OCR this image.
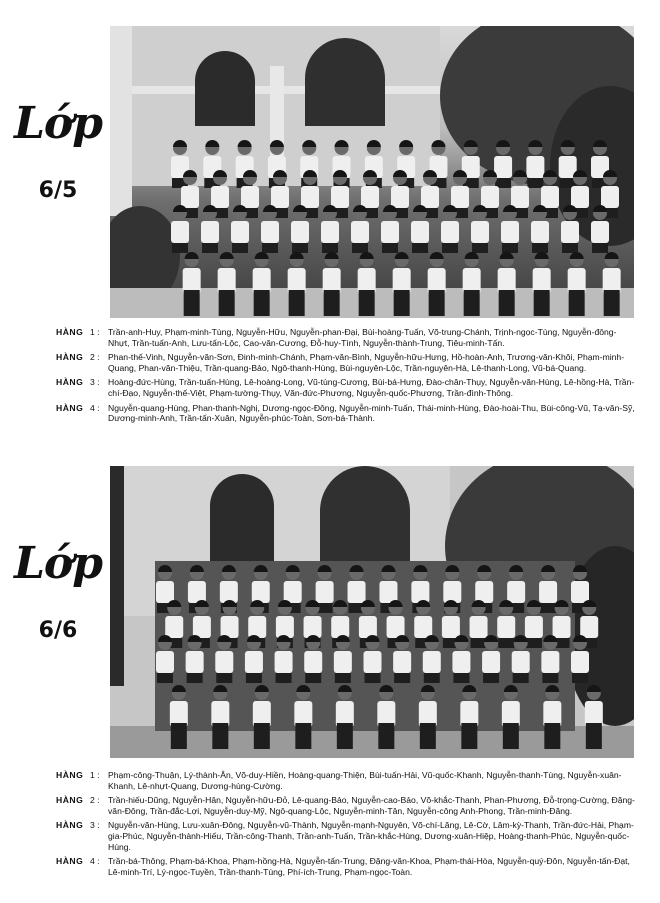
Lớp
6/5
HÀNG 1 : Trần-anh-Huy, Phạm-minh-Tùng, Nguyễn-Hữu, Nguyễn-phan-Đại, Bùi-hoàng-Tuấn, Võ-trung-Chánh, Trịnh-ngọc-Tùng, Nguyễn-đông-Nhựt, Trần-tuấn-Anh, Lưu-tấn-Lộc, Cao-văn-Cương, Đỗ-huy-Tình, Nguyễn-thành-Trung, Tiêu-minh-Tấn.
HÀNG 2 : Phan-thế-Vinh, Nguyễn-văn-Sơn, Đinh-minh-Chánh, Phạm-văn-Bình, Nguyễn-hữu-Hưng, Hồ-hoàn-Anh, Trương-văn-Khôi, Phạm-minh-Quang, Phan-văn-Thiệu, Trần-quang-Bảo, Ngô-thanh-Hùng, Bùi-nguyên-Lộc, Trần-nguyên-Hà, Lê-thanh-Long, Vũ-bá-Quang.
HÀNG 3 : Hoàng-đức-Hùng, Trần-tuấn-Hùng, Lê-hoàng-Long, Vũ-tùng-Cương, Bùi-bá-Hưng, Đào-chân-Thụy, Nguyễn-văn-Hùng, Lê-hồng-Hà, Trần-chí-Đạo, Nguyễn-thế-Việt, Phạm-tường-Thụy, Văn-đức-Phương, Nguyễn-quốc-Phương, Trần-đình-Thông.
HÀNG 4 : Nguyễn-quang-Hùng, Phan-thanh-Nghị, Dương-ngọc-Đông, Nguyễn-minh-Tuấn, Thái-minh-Hùng, Đào-hoài-Thu, Bùi-công-Vũ, Tạ-văn-Sỹ, Dương-minh-Anh, Trần-tấn-Xuân, Nguyễn-phúc-Toàn, Sơn-bá-Thành.
Lớp
6/6
HÀNG 1 : Phạm-công-Thuận, Lý-thành-Ân, Võ-duy-Hiền, Hoàng-quang-Thiện, Bùi-tuấn-Hải, Vũ-quốc-Khanh, Nguyễn-thanh-Tùng, Nguyễn-xuân-Khanh, Lê-nhựt-Quang, Dương-hùng-Cường.
HÀNG 2 : Trần-hiếu-Dũng, Nguyễn-Hân, Nguyễn-hữu-Đỏ, Lê-quang-Bảo, Nguyễn-cao-Bảo, Võ-khắc-Thanh, Phan-Phương, Đỗ-trọng-Cường, Đặng-văn-Đông, Trần-đắc-Lợi, Nguyễn-duy-Mỹ, Ngô-quang-Lộc, Nguyễn-minh-Tân, Nguyễn-công Anh-Phong, Trần-minh-Đăng.
HÀNG 3 : Nguyễn-văn-Hùng, Lưu-xuân-Đông, Nguyễn-vũ-Thành, Nguyễn-mạnh-Nguyên, Võ-chí-Lăng, Lê-Cờ, Lâm-kỳ-Thanh, Trần-đức-Hải, Phạm-gia-Phúc, Nguyễn-thành-Hiếu, Trần-công-Thanh, Trần-anh-Tuấn, Trần-khắc-Hùng, Dương-xuân-Hiệp, Hoàng-thanh-Phúc, Nguyễn-quốc-Hùng.
HÀNG 4 : Trần-bá-Thông, Phạm-bá-Khoa, Phạm-hồng-Hà, Nguyễn-tấn-Trung, Đặng-văn-Khoa, Phạm-thái-Hòa, Nguyễn-quý-Đôn, Nguyễn-tấn-Đạt, Lê-minh-Trí, Lý-ngọc-Tuyền, Trần-thanh-Tùng, Phí-ích-Trung, Phạm-ngọc-Toàn.
